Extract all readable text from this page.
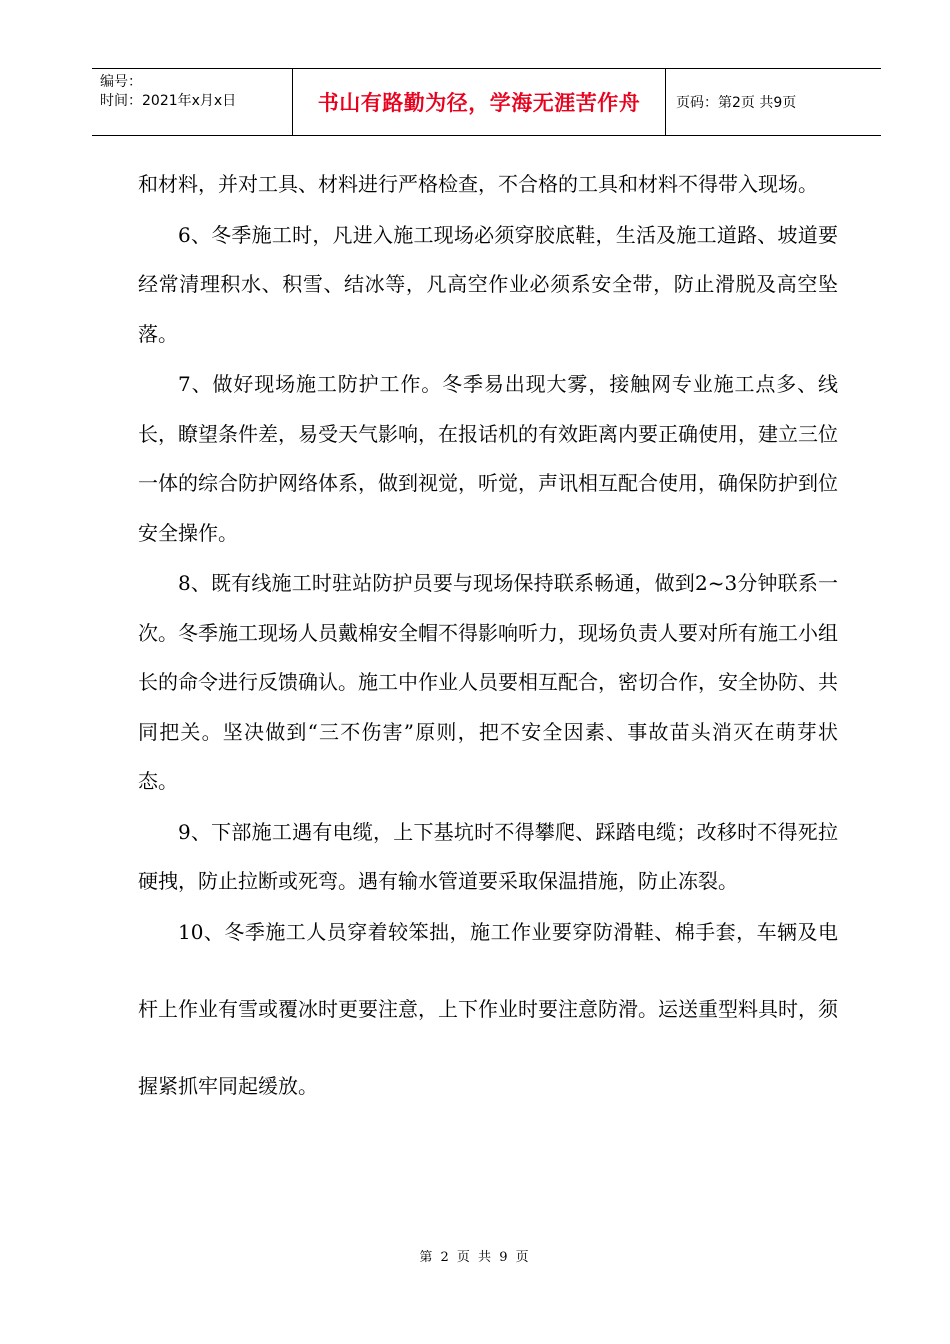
编号：
时间：2021年x月x日	书山有路勤为径，学海无涯苦作舟	页码：第2页 共9页

和材料，并对工具、材料进行严格检查，不合格的工具和材料不得带入现场。

6、冬季施工时，凡进入施工现场必须穿胶底鞋，生活及施工道路、坡道要经常清理积水、积雪、结冰等，凡高空作业必须系安全带，防止滑脱及高空坠落。

7、做好现场施工防护工作。冬季易出现大雾，接触网专业施工点多、线长，瞭望条件差，易受天气影响，在报话机的有效距离内要正确使用，建立三位一体的综合防护网络体系，做到视觉，听觉，声讯相互配合使用，确保防护到位安全操作。

8、既有线施工时驻站防护员要与现场保持联系畅通，做到2~3分钟联系一次。冬季施工现场人员戴棉安全帽不得影响听力，现场负责人要对所有施工小组长的命令进行反馈确认。施工中作业人员要相互配合，密切合作，安全协防、共同把关。坚决做到“三不伤害”原则，把不安全因素、事故苗头消灭在萌芽状态。

9、下部施工遇有电缆，上下基坑时不得攀爬、踩踏电缆；改移时不得死拉硬拽，防止拉断或死弯。遇有输水管道要采取保温措施，防止冻裂。

10、冬季施工人员穿着较笨拙，施工作业要穿防滑鞋、棉手套，车辆及电杆上作业有雪或覆冰时更要注意，上下作业时要注意防滑。运送重型料具时，须握紧抓牢同起缓放。

第 2 页 共 9 页
